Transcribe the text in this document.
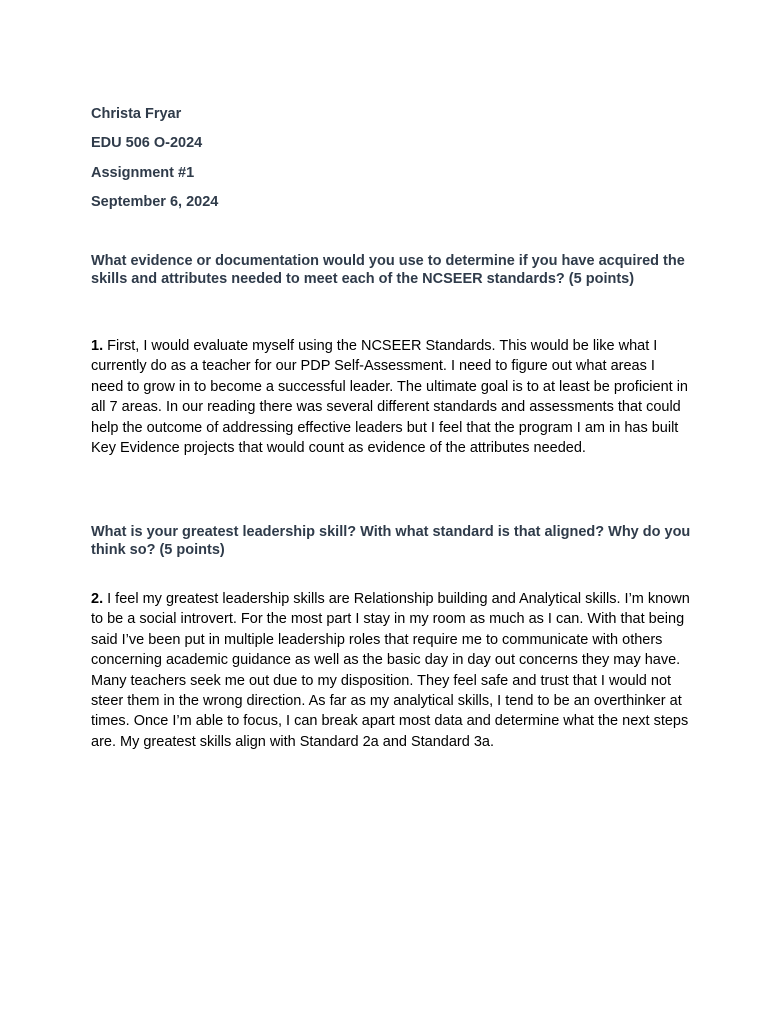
Christa Fryar
EDU 506 O-2024
Assignment #1
September 6, 2024
What evidence or documentation would you use to determine if you have acquired the skills and attributes needed to meet each of the NCSEER standards? (5 points)
1. First, I would evaluate myself using the NCSEER Standards. This would be like what I currently do as a teacher for our PDP Self-Assessment. I need to figure out what areas I need to grow in to become a successful leader. The ultimate goal is to at least be proficient in all 7 areas. In our reading there was several different standards and assessments that could help the outcome of addressing effective leaders but I feel that the program I am in has built Key Evidence projects that would count as evidence of the attributes needed.
What is your greatest leadership skill? With what standard is that aligned? Why do you think so? (5 points)
2. I feel my greatest leadership skills are Relationship building and Analytical skills. I’m known to be a social introvert. For the most part I stay in my room as much as I can. With that being said I’ve been put in multiple leadership roles that require me to communicate with others concerning academic guidance as well as the basic day in day out concerns they may have. Many teachers seek me out due to my disposition. They feel safe and trust that I would not steer them in the wrong direction. As far as my analytical skills, I tend to be an overthinker at times. Once I’m able to focus, I can break apart most data and determine what the next steps are. My greatest skills align with Standard 2a and Standard 3a.
